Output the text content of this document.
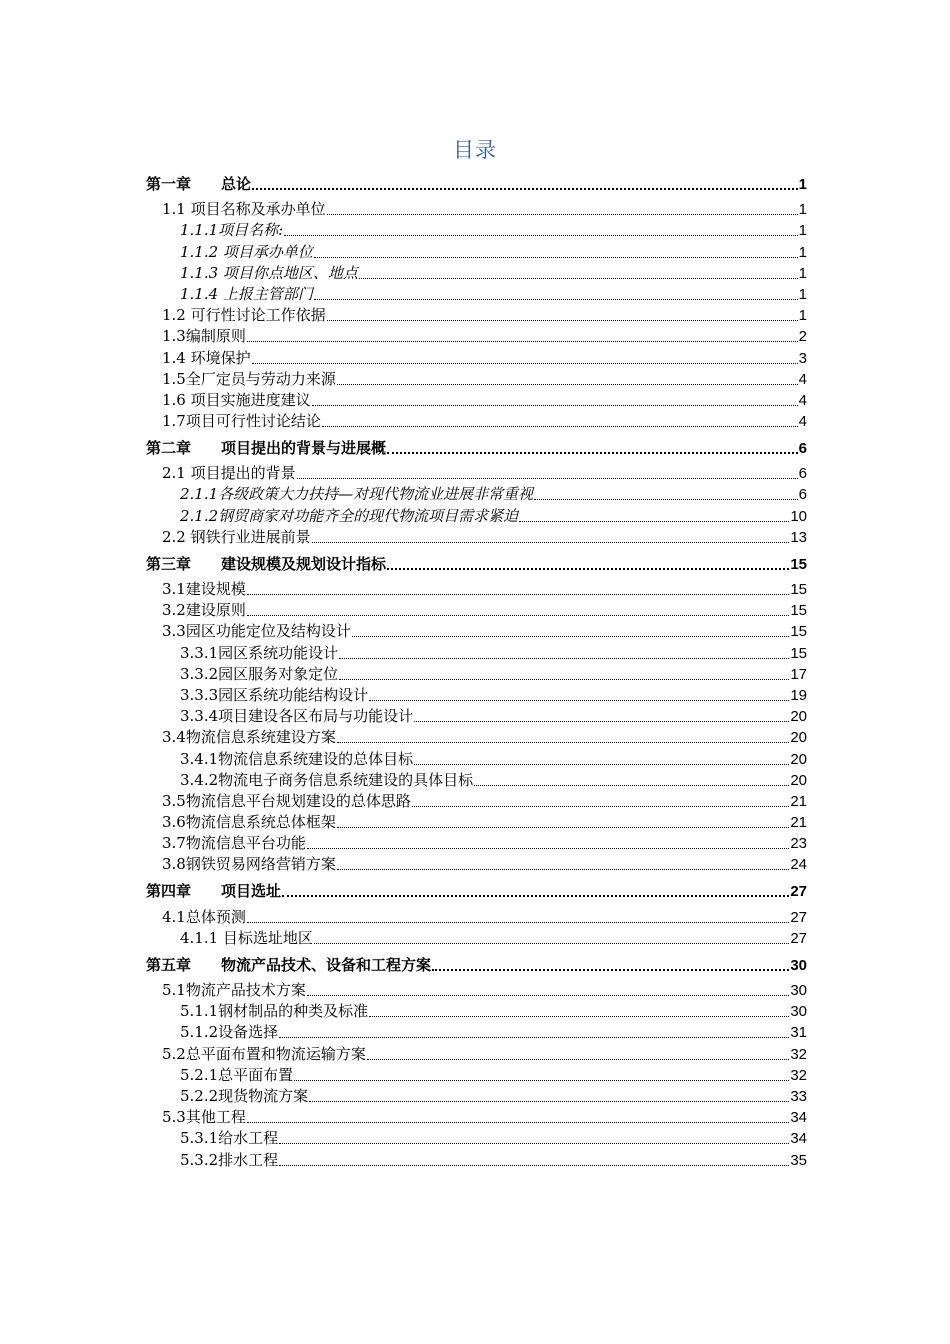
目录
第一章　　总论	1
1.1 项目名称及承办单位	1
1.1.1项目名称:	1
1.1.2 项目承办单位	1
1.1.3 项目你点地区、地点	1
1.1.4 上报主管部门	1
1.2 可行性讨论工作依据	1
1.3编制原则	2
1.4 环境保护	3
1.5全厂定员与劳动力来源	4
1.6 项目实施进度建议	4
1.7项目可行性讨论结论	4
第二章　　项目提出的背景与进展概	6
2.1 项目提出的背景	6
2.1.1各级政策大力扶持—对现代物流业进展非常重视	6
2.1.2钢贸商家对功能齐全的现代物流项目需求紧迫	10
2.2 钢铁行业进展前景	13
第三章　　建设规模及规划设计指标	15
3.1建设规模	15
3.2建设原则	15
3.3园区功能定位及结构设计	15
3.3.1园区系统功能设计	15
3.3.2园区服务对象定位	17
3.3.3园区系统功能结构设计	19
3.3.4项目建设各区布局与功能设计	20
3.4物流信息系统建设方案	20
3.4.1物流信息系统建设的总体目标	20
3.4.2物流电子商务信息系统建设的具体目标	20
3.5物流信息平台规划建设的总体思路	21
3.6物流信息系统总体框架	21
3.7物流信息平台功能	23
3.8钢铁贸易网络营销方案	24
第四章　　项目选址	27
4.1总体预测	27
4.1.1 目标选址地区	27
第五章　　物流产品技术、设备和工程方案	30
5.1物流产品技术方案	30
5.1.1钢材制品的种类及标准	30
5.1.2设备选择	31
5.2总平面布置和物流运输方案	32
5.2.1总平面布置	32
5.2.2现货物流方案	33
5.3其他工程	34
5.3.1给水工程	34
5.3.2排水工程	35
